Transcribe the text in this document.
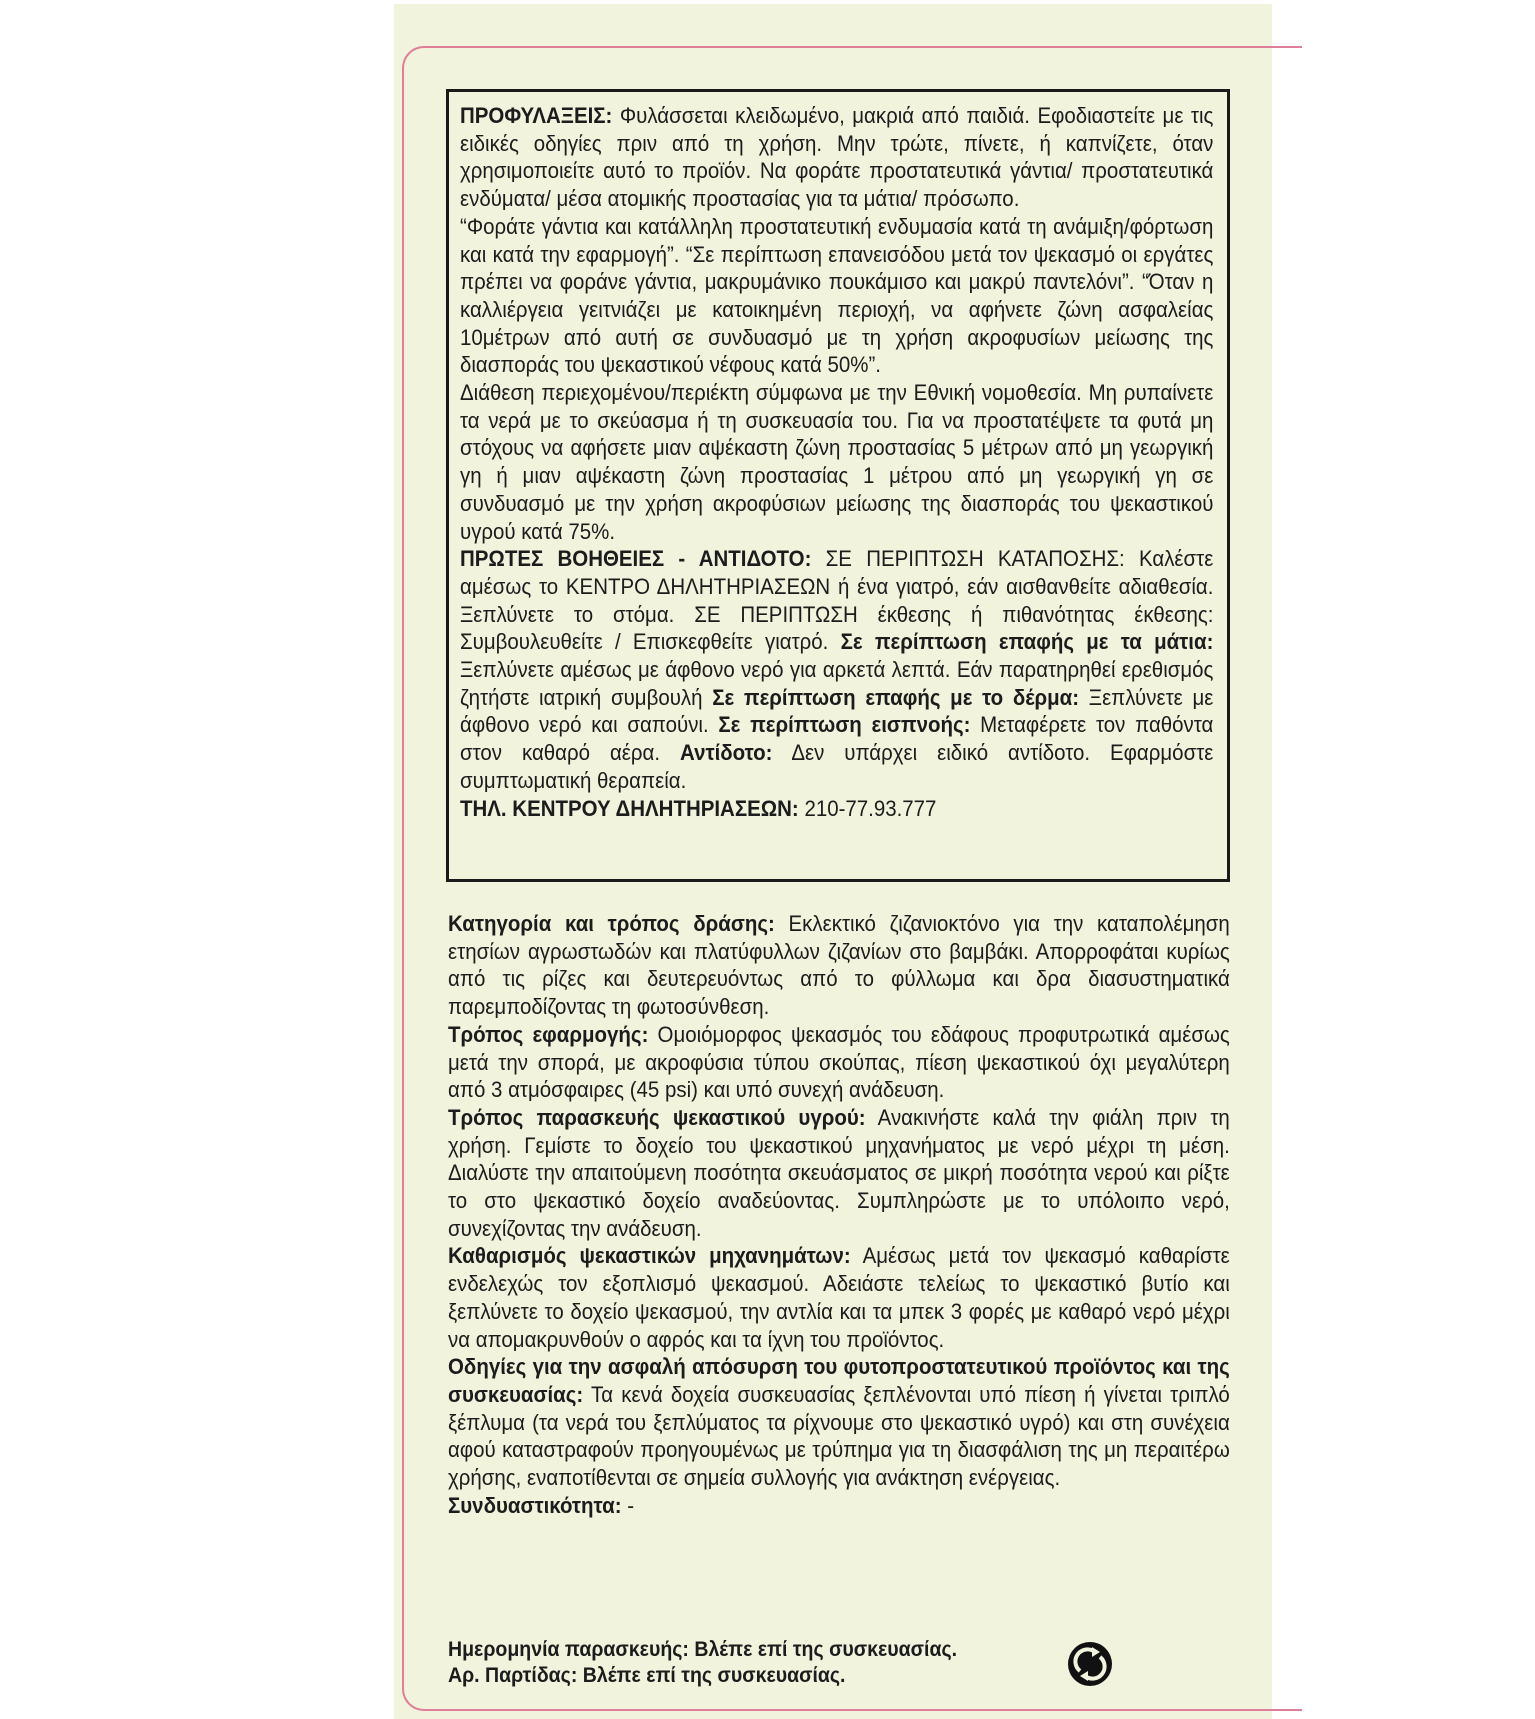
ΠΡΟΦΥΛΑΞΕΙΣ: Φυλάσσεται κλειδωμένο, μακριά από παιδιά. Εφοδιαστείτε με τις ειδικές οδηγίες πριν από τη χρήση. Μην τρώτε, πίνετε, ή καπνίζετε, όταν χρησιμοποιείτε αυτό το προϊόν. Να φοράτε προστατευτικά γάντια/ προστατευτικά ενδύματα/ μέσα ατομικής προστασίας για τα μάτια/ πρόσωπο.

“Φοράτε γάντια και κατάλληλη προστατευτική ενδυμασία κατά τη ανάμιξη/φόρτωση και κατά την εφαρμογή”. “Σε περίπτωση επανεισόδου μετά τον ψεκασμό οι εργάτες πρέπει να φοράνε γάντια, μακρυμάνικο πουκάμισο και μακρύ παντελόνι”. “Όταν η καλλιέργεια γειτνιάζει με κατοικημένη περιοχή, να αφήνετε ζώνη ασφαλείας 10μέτρων από αυτή σε συνδυασμό με τη χρήση ακροφυσίων μείωσης της διασποράς του ψεκαστικού νέφους κατά 50%”.

Διάθεση περιεχομένου/περιέκτη σύμφωνα με την Εθνική νομοθεσία. Μη ρυπαίνετε τα νερά με το σκεύασμα ή τη συσκευασία του. Για να προστατέψετε τα φυτά μη στόχους να αφήσετε μιαν αψέκαστη ζώνη προστασίας 5 μέτρων από μη γεωργική γη ή μιαν αψέκαστη ζώνη προστασίας 1 μέτρου από μη γεωργική γη σε συνδυασμό με την χρήση ακροφύσιων μείωσης της διασποράς του ψεκαστικού υγρού κατά 75%.

ΠΡΩΤΕΣ ΒΟΗΘΕΙΕΣ - ΑΝΤΙΔΟΤΟ: ΣΕ ΠΕΡΙΠΤΩΣΗ ΚΑΤΑΠΟΣΗΣ: Καλέστε αμέσως το ΚΕΝΤΡΟ ΔΗΛΗΤΗΡΙΑΣΕΩΝ ή ένα γιατρό, εάν αισθανθείτε αδιαθεσία. Ξεπλύνετε το στόμα. ΣΕ ΠΕΡΙΠΤΩΣΗ έκθεσης ή πιθανότητας έκθεσης: Συμβουλευθείτε / Επισκεφθείτε γιατρό. Σε περίπτωση επαφής με τα μάτια: Ξεπλύνετε αμέσως με άφθονο νερό για αρκετά λεπτά. Εάν παρατηρηθεί ερεθισμός ζητήστε ιατρική συμβουλή Σε περίπτωση επαφής με το δέρμα: Ξεπλύνετε με άφθονο νερό και σαπούνι. Σε περίπτωση εισπνοής: Μεταφέρετε τον παθόντα στον καθαρό αέρα. Αντίδοτο: Δεν υπάρχει ειδικό αντίδοτο. Εφαρμόστε συμπτωματική θεραπεία.

ΤΗΛ. ΚΕΝΤΡΟΥ ΔΗΛΗΤΗΡΙΑΣΕΩΝ: 210-77.93.777

Κατηγορία και τρόπος δράσης: Εκλεκτικό ζιζανιοκτόνο για την καταπολέμηση ετησίων αγρωστωδών και πλατύφυλλων ζιζανίων στο βαμβάκι. Απορροφάται κυρίως από τις ρίζες και δευτερευόντως από το φύλλωμα και δρα διασυστηματικά παρεμποδίζοντας τη φωτοσύνθεση.

Τρόπος εφαρμογής: Ομοιόμορφος ψεκασμός του εδάφους προφυτρωτικά αμέσως μετά την σπορά, με ακροφύσια τύπου σκούπας, πίεση ψεκαστικού όχι μεγαλύτερη από 3 ατμόσφαιρες (45 psi) και υπό συνεχή ανάδευση.

Τρόπος παρασκευής ψεκαστικού υγρού: Ανακινήστε καλά την φιάλη πριν τη χρήση. Γεμίστε το δοχείο του ψεκαστικού μηχανήματος με νερό μέχρι τη μέση. Διαλύστε την απαιτούμενη ποσότητα σκευάσματος σε μικρή ποσότητα νερού και ρίξτε το στο ψεκαστικό δοχείο αναδεύοντας. Συμπληρώστε με το υπόλοιπο νερό, συνεχίζοντας την ανάδευση.

Καθαρισμός ψεκαστικών μηχανημάτων: Αμέσως μετά τον ψεκασμό καθαρίστε ενδελεχώς τον εξοπλισμό ψεκασμού. Αδειάστε τελείως το ψεκαστικό βυτίο και ξεπλύνετε το δοχείο ψεκασμού, την αντλία και τα μπεκ 3 φορές με καθαρό νερό μέχρι να απομακρυνθούν ο αφρός και τα ίχνη του προϊόντος.

Οδηγίες για την ασφαλή απόσυρση του φυτοπροστατευτικού προϊόντος και της συσκευασίας: Τα κενά δοχεία συσκευασίας ξεπλένονται υπό πίεση ή γίνεται τριπλό ξέπλυμα (τα νερά του ξεπλύματος τα ρίχνουμε στο ψεκαστικό υγρό) και στη συνέχεια αφού καταστραφούν προηγουμένως με τρύπημα για τη διασφάλιση της μη περαιτέρω χρήσης, εναποτίθενται σε σημεία συλλογής για ανάκτηση ενέργειας.

Συνδυαστικότητα: -

Ημερομηνία παρασκευής: Βλέπε επί της συσκευασίας.

Αρ. Παρτίδας: Βλέπε επί της συσκευασίας.
